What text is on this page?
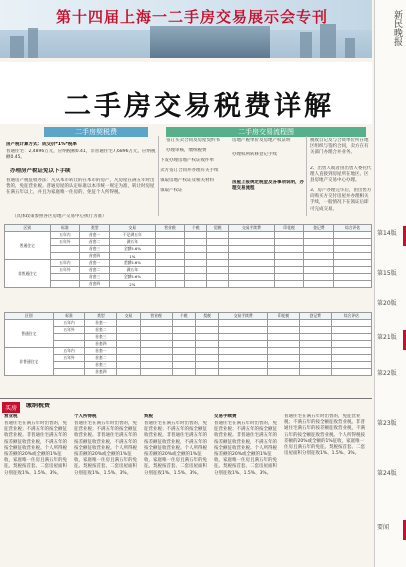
第十四届上海一二手房交易展示会专刊
二手房交易税费详解
二手房契税费	二手房交易流程图
房产税计算方式：成交价*1%*税率
普通住宅：2,4896万元，应纳税额0.41，非普通住宅7,6896万元，应纳税额0.45。
办理房产税证免以下手续
普通房产税征收办法：凡从本市转让的在本市的房产，凡房屋在满五年时出售的，免征营业税。普通房屋的认定标准以本市统一规定为准，转让时房屋在满五年以上，并且为家庭唯一住房的，免征个人所得税。
（具体政策参照各区房地产交易中心执行为准）
签订买卖合同及房屋契约书
办理审核，缴纳税费
下发办理房地产权证收件单
卖方签订合同并办理有关手续
领取房地产权证及相关材料
领取产权证
房地产税单价及房地产权证明
办理权利转移登记手续
房屋上报规定税金及各事项说明，办理交易流程
税收自记及与合资单位所在地区组织与签约合同，卖方在有关部门办理合并业务。
2、出售人或者由出售人委托代理人直接到房屋所在地区、区县房地产交易中心办理。
3、房产办理完毕后，由出售方向购买方交付房屋并办理相关手续，一般情况下在领证后即可完成交易。
区别	标准	类型	交易	营业税	个税	契税	交易手续费	印花税	登记费	综合评估
普通住宅	五年内	首套一	不足满五年							
	五年外	首套二	满五年							
		首套三	全额5.6%							
		首套四	1%							
非普通住宅	五年内	首套一	差额5.6%							
	五年外	首套二	满五年							
		首套三	全额5.6%							
		首套四	2%							
区别	标准	类型	交易	营业税	个税	契税	交易手续费	印花税	登记费	综合评估
普通住宅	五年内	首套一								
	五年外	首套二								
		首套三								
		首套四								
非普通住宅	五年内	首套一								
	五年外	首套二								
		首套三								
		首套四								
买房	缴纳税费
营业税
普通住宅在满五年时出售的，免征营业税；不满五年的按全额征收营业税。非普通住宅满五年的按差额征收营业税，不满五年的按全额征收营业税。个人所得税按差额的20%或全额的1%征收，家庭唯一住房且满五年的免征。契税按首套、二套房屋面积分别征收1%、1.5%、3%。
个人所得税
普通住宅在满五年时出售的，免征营业税；不满五年的按全额征收营业税。非普通住宅满五年的按差额征收营业税，不满五年的按全额征收营业税。个人所得税按差额的20%或全额的1%征收，家庭唯一住房且满五年的免征。契税按首套、二套房屋面积分别征收1%、1.5%、3%。
契税
普通住宅在满五年时出售的，免征营业税；不满五年的按全额征收营业税。非普通住宅满五年的按差额征收营业税，不满五年的按全额征收营业税。个人所得税按差额的20%或全额的1%征收，家庭唯一住房且满五年的免征。契税按首套、二套房屋面积分别征收1%、1.5%、3%。
交易手续费
普通住宅在满五年时出售的，免征营业税；不满五年的按全额征收营业税。非普通住宅满五年的按差额征收营业税，不满五年的按全额征收营业税。个人所得税按差额的20%或全额的1%征收，家庭唯一住房且满五年的免征。契税按首套、二套房屋面积分别征收1%、1.5%、3%。
普通住宅在满五年时出售的，免征营业税；不满五年的按全额征收营业税。非普通住宅满五年的按差额征收营业税，不满五年的按全额征收营业税。个人所得税按差额的20%或全额的1%征收，家庭唯一住房且满五年的免征。契税按首套、二套房屋面积分别征收1%、1.5%、3%。
新民晚报
第14版
第15版
第20版
第21版
第22版
第23版
第24版
要闻
